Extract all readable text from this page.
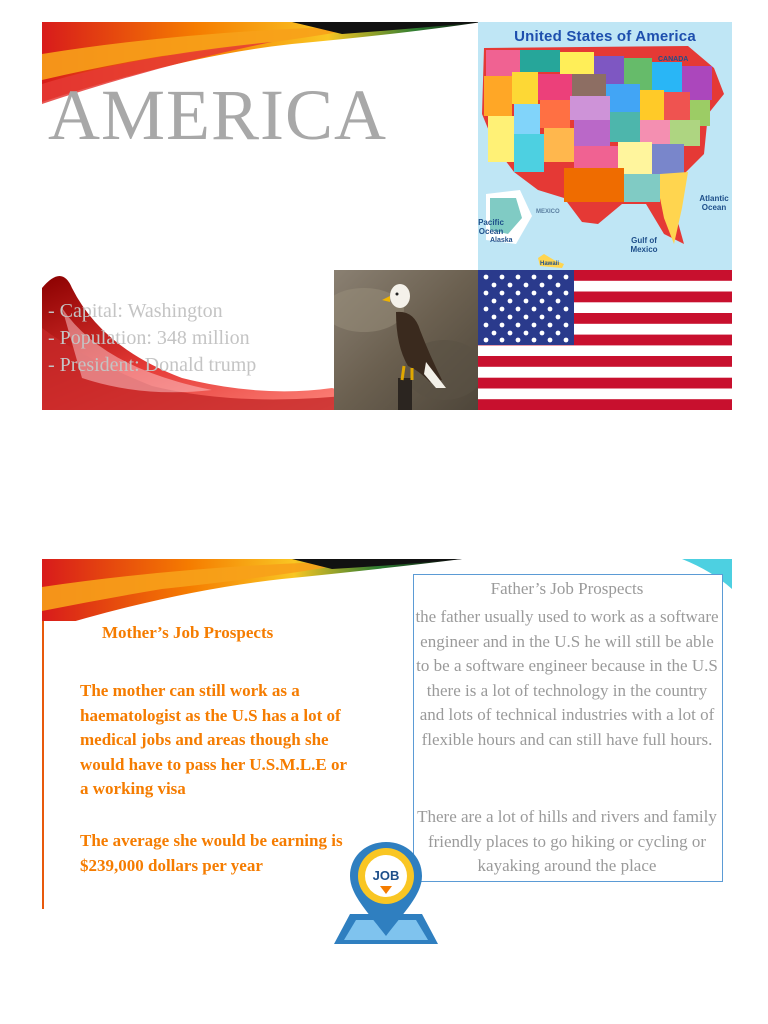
AMERICA
- Capital: Washington
- Population: 348 million
- President: Donald trump
United States of America
CANADA
Atlantic Ocean
Pacific Ocean
Gulf of Mexico
MEXICO
Alaska
Hawaii
Mother’s Job Prospects

The mother can still work as a haematologist as the U.S has a lot of medical jobs and areas though she would have to pass her U.S.M.L.E or a working visa

The average she would be earning is $239,000 dollars per year

Father’s Job Prospects

the father usually used to work as a software engineer and in the U.S he will still be able to be a software engineer because in the U.S there is a lot of technology in the country and lots of technical industries with a lot of flexible hours and can still have full hours.

There are a lot of hills and rivers and family friendly places to go hiking or cycling or kayaking around the place

JOB
